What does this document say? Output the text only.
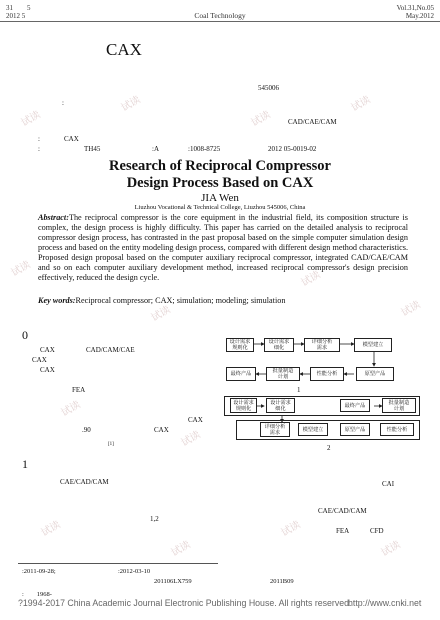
试读
试读
试读
试读
试读
试读
试读
试读
试读
试读
试读
试读
试读
试读
31　　5
2012 5	Coal Technology
Vol.31,No.05
May.2012
CAX
:
545006
CAD/CAE/CAM
:	CAX
:	TH45	:A	:1008-8725	2012 05-0019-02
Research of Reciprocal Compressor
Design Process Based on CAX
JIA Wen
Liuzhou Vocational & Technical College, Liuzhou 545006, China
Abstract:The reciprocal compressor is the core equipment in the industrial field, its composition structure is complex, the design process is highly difficulty. This paper has carried on the detailed analysis to reciprocal compressor design process, has contrasted in the past proposal based on the simple computer simulation design process and based on the entity modeling design process, compared with different design method characteristics. Proposed design proposal based on the computer auxiliary reciprocal compressor, integrated CAD/CAE/CAM and so on each computer auxiliary development method, increased reciprocal compressor's design precision effectively, reduced the design cycle.
Key words:Reciprocal compressor; CAX; simulation; modeling; simulation
0
CAX	CAD/CAM/CAE
CAX
CAX
FEA
CAX
.90	CAX
[1]
设计需求
规则化
设计需求
细化
详细分析
需求	模型建立
最终产品	批量制造
计划	性能分析	原型产品
1
设计需求
规则化
设计需求
细化	最终产品	批量制造
计划
详细分析
需求	模型建立	原型产品	性能分析
2
1
CAE/CAD/CAM	CAI
CAE/CAD/CAM
1,2
FEA	CFD
:2011-09-28;	:2012-03-10
201106LX759	2011B09
:　　1968-
?1994-2017 China Academic Journal Electronic Publishing House. All rights reserved.
http://www.cnki.net
